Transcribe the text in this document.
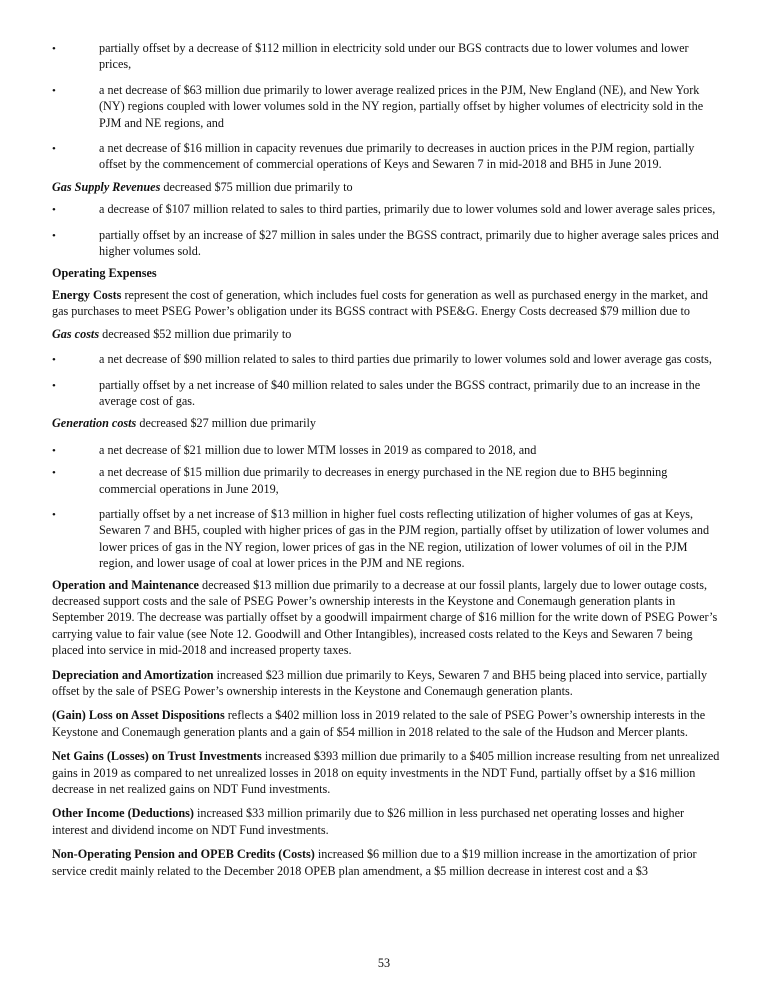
•	partially offset by a decrease of $112 million in electricity sold under our BGS contracts due to lower volumes and lower prices,
•	a net decrease of $63 million due primarily to lower average realized prices in the PJM, New England (NE), and New York (NY) regions coupled with lower volumes sold in the NY region, partially offset by higher volumes of electricity sold in the PJM and NE regions, and
•	a net decrease of $16 million in capacity revenues due primarily to decreases in auction prices in the PJM region, partially offset by the commencement of commercial operations of Keys and Sewaren 7 in mid-2018 and BH5 in June 2019.
Gas Supply Revenues decreased $75 million due primarily to
•	a decrease of $107 million related to sales to third parties, primarily due to lower volumes sold and lower average sales prices,
•	partially offset by an increase of $27 million in sales under the BGSS contract, primarily due to higher average sales prices and higher volumes sold.
Operating Expenses
Energy Costs represent the cost of generation, which includes fuel costs for generation as well as purchased energy in the market, and gas purchases to meet PSEG Power’s obligation under its BGSS contract with PSE&G. Energy Costs decreased $79 million due to
Gas costs decreased $52 million due primarily to
•	a net decrease of $90 million related to sales to third parties due primarily to lower volumes sold and lower average gas costs,
•	partially offset by a net increase of $40 million related to sales under the BGSS contract, primarily due to an increase in the average cost of gas.
Generation costs decreased $27 million due primarily
•	a net decrease of $21 million due to lower MTM losses in 2019 as compared to 2018, and
•	a net decrease of $15 million due primarily to decreases in energy purchased in the NE region due to BH5 beginning commercial operations in June 2019,
•	partially offset by a net increase of $13 million in higher fuel costs reflecting utilization of higher volumes of gas at Keys, Sewaren 7 and BH5, coupled with higher prices of gas in the PJM region, partially offset by utilization of lower volumes and lower prices of gas in the NY region, lower prices of gas in the NE region, utilization of lower volumes of oil in the PJM region, and lower usage of coal at lower prices in the PJM and NE regions.
Operation and Maintenance decreased $13 million due primarily to a decrease at our fossil plants, largely due to lower outage costs, decreased support costs and the sale of PSEG Power’s ownership interests in the Keystone and Conemaugh generation plants in September 2019. The decrease was partially offset by a goodwill impairment charge of $16 million for the write down of PSEG Power’s carrying value to fair value (see Note 12. Goodwill and Other Intangibles), increased costs related to the Keys and Sewaren 7 being placed into service in mid-2018 and increased property taxes.
Depreciation and Amortization increased $23 million due primarily to Keys, Sewaren 7 and BH5 being placed into service, partially offset by the sale of PSEG Power’s ownership interests in the Keystone and Conemaugh generation plants.
(Gain) Loss on Asset Dispositions reflects a $402 million loss in 2019 related to the sale of PSEG Power’s ownership interests in the Keystone and Conemaugh generation plants and a gain of $54 million in 2018 related to the sale of the Hudson and Mercer plants.
Net Gains (Losses) on Trust Investments increased $393 million due primarily to a $405 million increase resulting from net unrealized gains in 2019 as compared to net unrealized losses in 2018 on equity investments in the NDT Fund, partially offset by a $16 million decrease in net realized gains on NDT Fund investments.
Other Income (Deductions) increased $33 million primarily due to $26 million in less purchased net operating losses and higher interest and dividend income on NDT Fund investments.
Non-Operating Pension and OPEB Credits (Costs) increased $6 million due to a $19 million increase in the amortization of prior service credit mainly related to the December 2018 OPEB plan amendment, a $5 million decrease in interest cost and a $3
53
